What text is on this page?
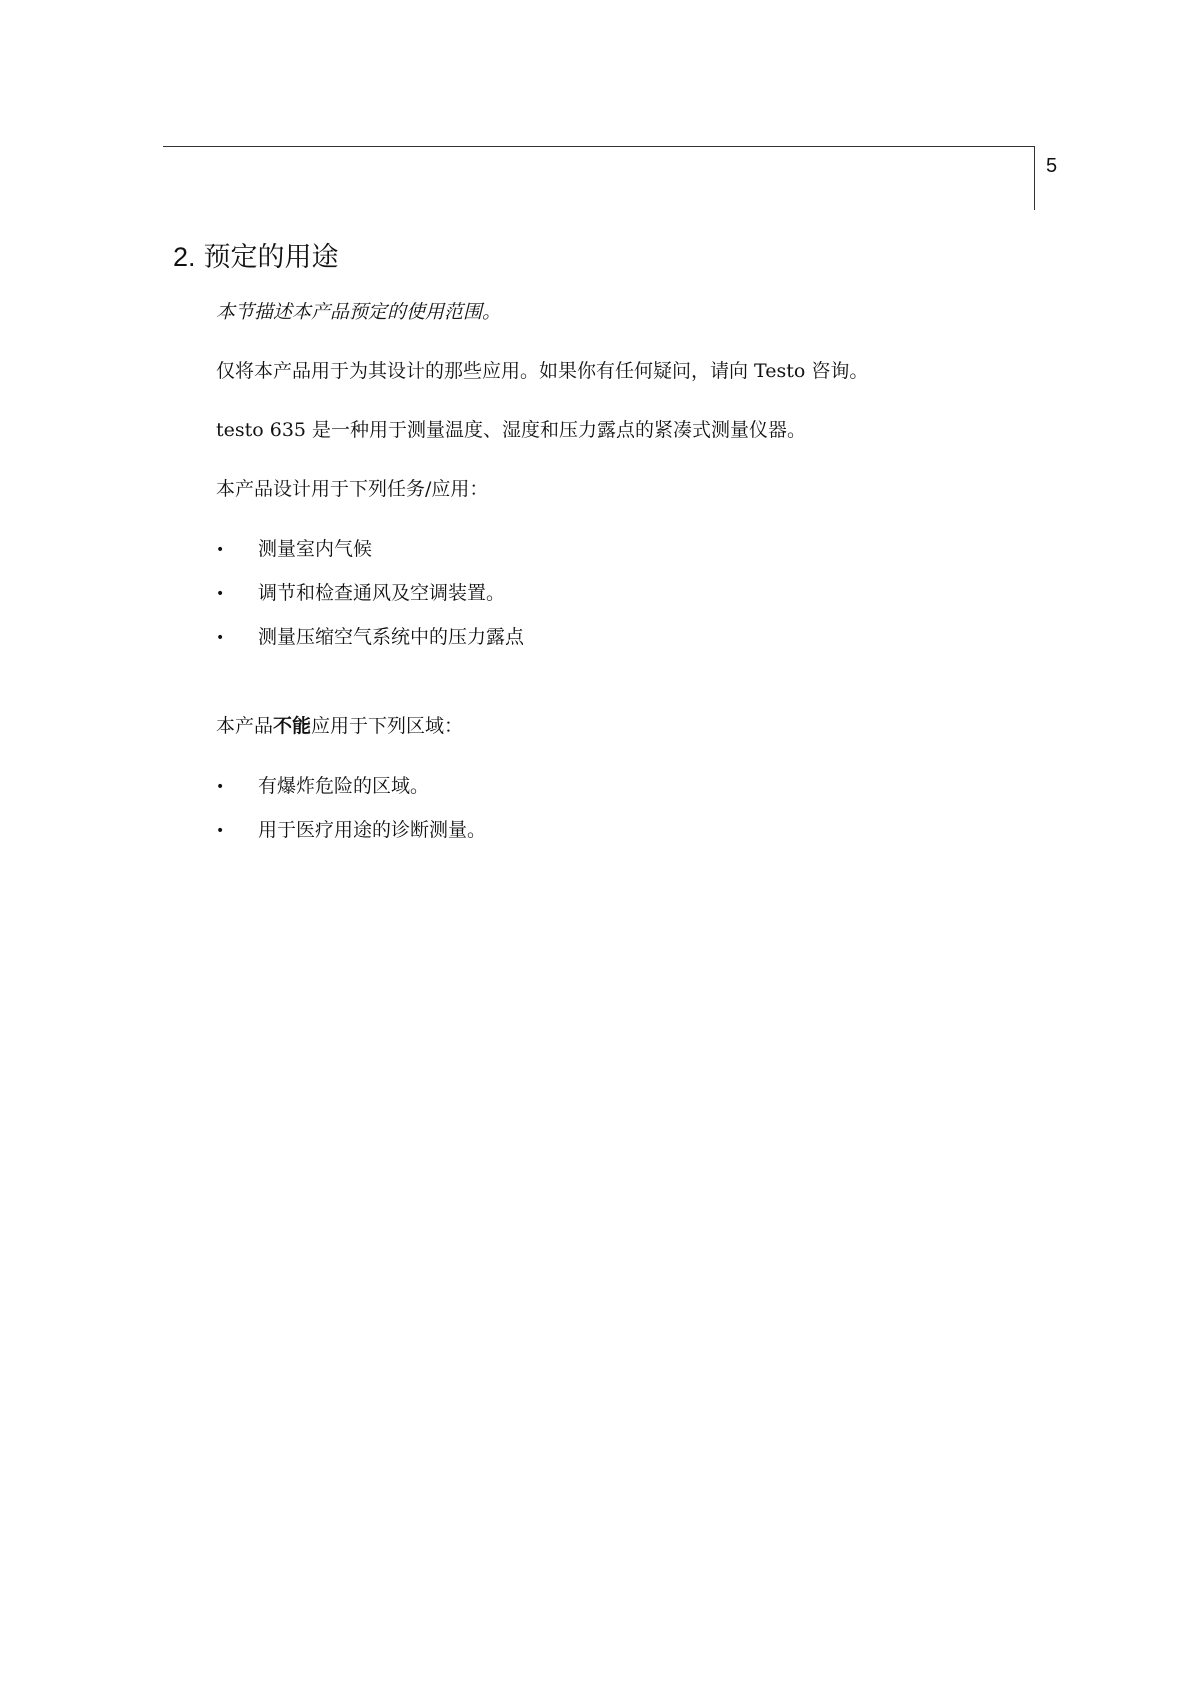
5
2. 预定的用途

本节描述本产品预定的使用范围。

仅将本产品用于为其设计的那些应用。如果你有任何疑问，请向 Testo 咨询。

testo 635 是一种用于测量温度、湿度和压力露点的紧凑式测量仪器。

本产品设计用于下列任务/应用：

• 测量室内气候
• 调节和检查通风及空调装置。
• 测量压缩空气系统中的压力露点

本产品不能应用于下列区域：

• 有爆炸危险的区域。
• 用于医疗用途的诊断测量。
